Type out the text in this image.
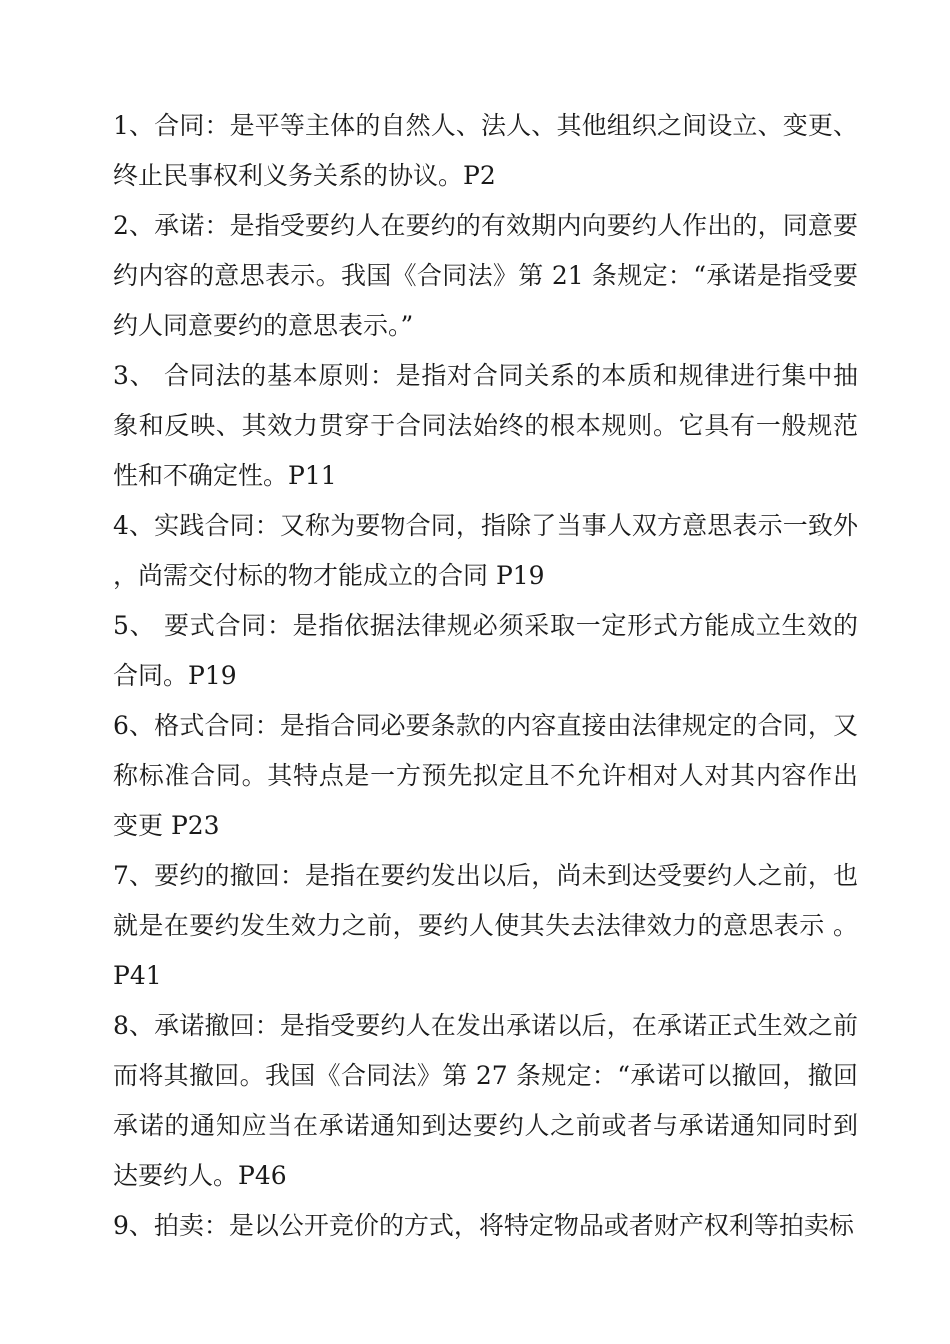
1、合同：是平等主体的自然人、法人、其他组织之间设立、变更、终止民事权利义务关系的协议。P2

2、承诺：是指受要约人在要约的有效期内向要约人作出的，同意要约内容的意思表示。我国《合同法》第 21 条规定：“承诺是指受要约人同意要约的意思表示。”

3、 合同法的基本原则：是指对合同关系的本质和规律进行集中抽象和反映、其效力贯穿于合同法始终的根本规则。它具有一般规范性和不确定性。P11

4、实践合同：又称为要物合同，指除了当事人双方意思表示一致外，尚需交付标的物才能成立的合同 P19

5、 要式合同：是指依据法律规必须采取一定形式方能成立生效的合同。P19

6、格式合同：是指合同必要条款的内容直接由法律规定的合同，又称标准合同。其特点是一方预先拟定且不允许相对人对其内容作出变更 P23

7、要约的撤回：是指在要约发出以后，尚未到达受要约人之前，也就是在要约发生效力之前，要约人使其失去法律效力的意思表示 。P41

8、承诺撤回：是指受要约人在发出承诺以后，在承诺正式生效之前而将其撤回。我国《合同法》第 27 条规定：“承诺可以撤回，撤回承诺的通知应当在承诺通知到达要约人之前或者与承诺通知同时到达要约人。P46

9、拍卖：是以公开竞价的方式，将特定物品或者财产权利等拍卖标
